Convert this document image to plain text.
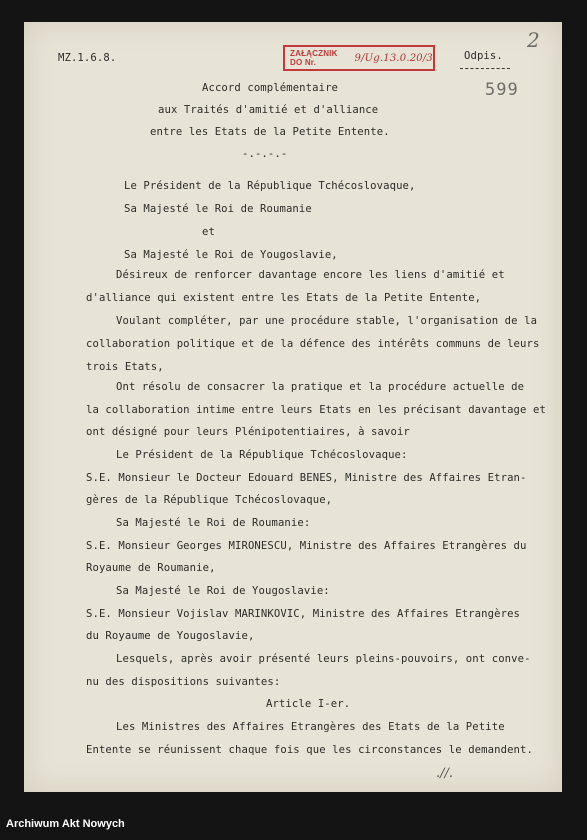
2

MZ.1.6.8.	ZAŁĄCZNIK DO Nr.	9/Ug.13.0.20/3	Odpis.

599

Accord complémentaire

aux Traités d'amitié et d'alliance

entre les Etats de la Petite Entente.

-.-.-.-

Le Président de la République Tchécoslovaque,

Sa Majesté le Roi de Roumanie

et

Sa Majesté le Roi de Yougoslavie,

Désireux de renforcer davantage encore les liens d'amitié et

d'alliance qui existent entre les Etats de la Petite Entente,

Voulant compléter, par une procédure stable, l'organisation de la

collaboration politique et de la défence des intérêts communs de leurs

trois Etats,

Ont résolu de consacrer la pratique et la procédure actuelle de

la collaboration intime entre leurs Etats en les précisant davantage et

ont désigné pour leurs Plénipotentiaires, à savoir

Le Président de la République Tchécoslovaque:

S.E. Monsieur le Docteur Edouard BENES, Ministre des Affaires Etran-

gères de la République Tchécoslovaque,

Sa Majesté le Roi de Roumanie:

S.E. Monsieur Georges MIRONESCU, Ministre des Affaires Etrangères du

Royaume de Roumanie,

Sa Majesté le Roi de Yougoslavie:

S.E. Monsieur Vojislav MARINKOVIC, Ministre des Affaires Etrangères

du Royaume de Yougoslavie,

Lesquels, après avoir présenté leurs pleins-pouvoirs, ont conve-

nu des dispositions suivantes:

Article I-er.

Les Ministres des Affaires Etrangères des Etats de la Petite

Entente se réunissent chaque fois que les circonstances le demandent.

.//.
Archiwum Akt Nowych
